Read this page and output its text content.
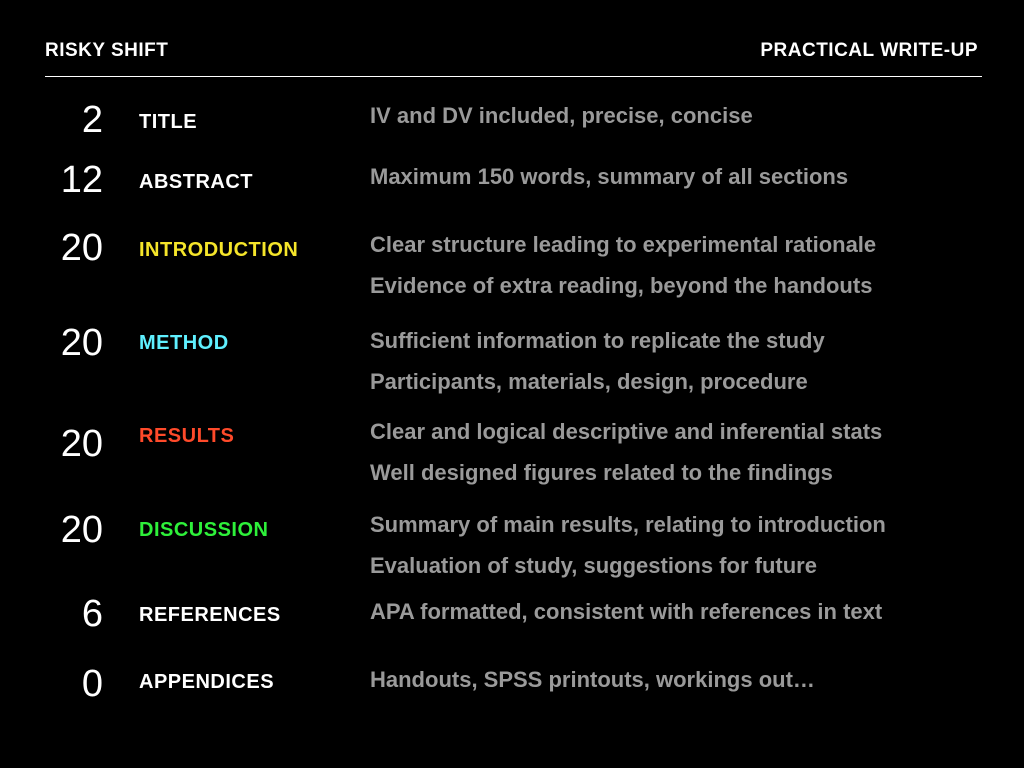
RISKY SHIFT	PRACTICAL WRITE-UP
2 TITLE	IV and DV included, precise, concise
12 ABSTRACT	Maximum 150 words, summary of all sections
20 INTRODUCTION	Clear structure leading to experimental rationale
Evidence of extra reading, beyond the handouts
20 METHOD	Sufficient information to replicate the study
Participants, materials, design, procedure
20 RESULTS	Clear and logical descriptive and inferential stats
Well designed figures related to the findings
20 DISCUSSION	Summary of main results, relating to introduction
Evaluation of study, suggestions for future
6 REFERENCES	APA formatted, consistent with references in text
0 APPENDICES	Handouts, SPSS printouts, workings out…
